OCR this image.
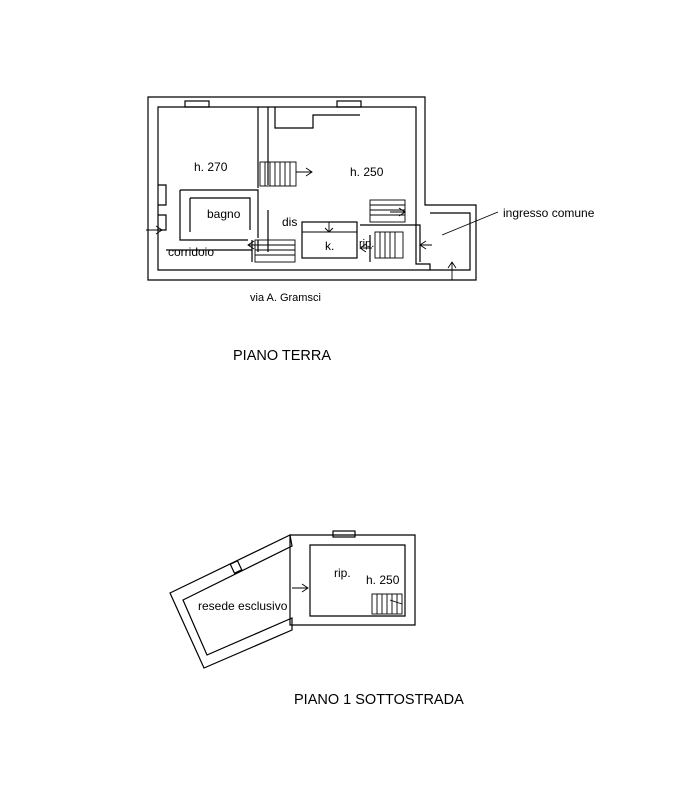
h. 270	h. 250
bagno
dis
corridoio	k. rip.
ingresso comune
via A. Gramsci
PIANO TERRA
rip. h. 250
resede esclusivo
PIANO 1 SOTTOSTRADA
